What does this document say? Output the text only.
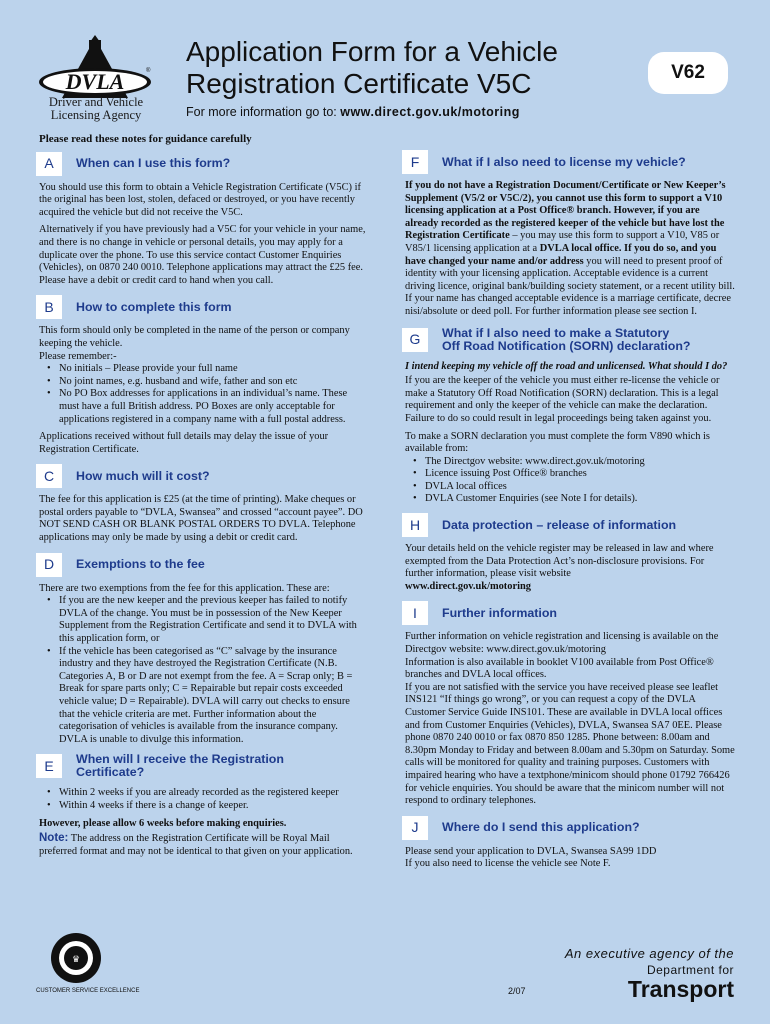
DVLA	®
Driver and Vehicle
Licensing Agency
Application Form for a Vehicle
Registration Certificate V5C
For more information go to: www.direct.gov.uk/motoring
V62
Please read these notes for guidance carefully
A	When can I use this form?

You should use this form to obtain a Vehicle Registration Certificate (V5C) if the original has been lost, stolen, defaced or destroyed, or you have recently acquired the vehicle but did not receive the V5C.

Alternatively if you have previously had a V5C for your vehicle in your name, and there is no change in vehicle or personal details, you may apply for a duplicate over the phone. To use this service contact Customer Enquiries (Vehicles), on 0870 240 0010. Telephone applications may attract the £25 fee. Please have a debit or credit card to hand when you call.

B	How to complete this form
This form should only be completed in the name of the person or company keeping the vehicle.
Please remember:-
• No initials – Please provide your full name
• No joint names, e.g. husband and wife, father and son etc
• No PO Box addresses for applications in an individual’s name. These must have a full British address. PO Boxes are only acceptable for applications registered in a company name with a full postal address.

Applications received without full details may delay the issue of your Registration Certificate.

C	How much will it cost?

The fee for this application is £25 (at the time of printing). Make cheques or postal orders payable to “DVLA, Swansea” and crossed “account payee”. DO NOT SEND CASH OR BLANK POSTAL ORDERS TO DVLA. Telephone applications may only be made by using a debit or credit card.

D	Exemptions to the fee
There are two exemptions from the fee for this application. These are:
• If you are the new keeper and the previous keeper has failed to notify DVLA of the change. You must be in possession of the New Keeper Supplement from the Registration Certificate and send it to DVLA with this application form, or
• If the vehicle has been categorised as “C” salvage by the insurance industry and they have destroyed the Registration Certificate (N.B. Categories A, B or D are not exempt from the fee. A = Scrap only; B = Break for spare parts only; C = Repairable but repair costs exceeded vehicle value; D = Repairable). DVLA will carry out checks to ensure that the vehicle criteria are met. Further information about the categorisation of vehicles is available from the insurance company. DVLA is unable to divulge this information.
E	When will I receive the Registration
Certificate?
• Within 2 weeks if you are already recorded as the registered keeper
• Within 4 weeks if there is a change of keeper.

However, please allow 6 weeks before making enquiries.

Note: The address on the Registration Certificate will be Royal Mail preferred format and may not be identical to that given on your application.

F	What if I also need to license my vehicle?

If you do not have a Registration Document/Certificate or New Keeper’s Supplement (V5/2 or V5C/2), you cannot use this form to support a V10 licensing application at a Post Office® branch. However, if you are already recorded as the registered keeper of the vehicle but have lost the Registration Certificate – you may use this form to support a V10, V85 or V85/1 licensing application at a DVLA local office. If you do so, and you have changed your name and/or address you will need to present proof of identity with your licensing application. Acceptable evidence is a current driving licence, original bank/building society statement, or a recent utility bill. If your name has changed acceptable evidence is a marriage certificate, decree nisi/absolute or deed poll. For further information please see section I.

G	What if I also need to make a Statutory
Off Road Notification (SORN) declaration?

I intend keeping my vehicle off the road and unlicensed. What should I do?

If you are the keeper of the vehicle you must either re-license the vehicle or make a Statutory Off Road Notification (SORN) declaration. This is a legal requirement and only the keeper of the vehicle can make the declaration. Failure to do so could result in legal proceedings being taken against you.

To make a SORN declaration you must complete the form V890 which is available from:
• The Directgov website: www.direct.gov.uk/motoring
• Licence issuing Post Office® branches
• DVLA local offices
• DVLA Customer Enquiries (see Note I for details).
H	Data protection – release of information
Your details held on the vehicle register may be released in law and where exempted from the Data Protection Act’s non-disclosure provisions. For further information, please visit website

www.direct.gov.uk/motoring

I	Further information
Further information on vehicle registration and licensing is available on the Directgov website: www.direct.gov.uk/motoring
Information is also available in booklet V100 available from Post Office® branches and DVLA local offices.

If you are not satisfied with the service you have received please see leaflet INS121 “If things go wrong”, or you can request a copy of the DVLA Customer Service Guide INS101. These are available in DVLA local offices and from Customer Enquiries (Vehicles), DVLA, Swansea SA7 0EE. Please phone 0870 240 0010 or fax 0870 850 1285. Phone between: 8.00am and 8.30pm Monday to Friday and between 8.00am and 5.30pm on Saturday. Some calls will be monitored for quality and training purposes. Customers with impaired hearing who have a textphone/minicom should phone 01792 766426 for vehicle enquiries. You should be aware that the minicom number will not respond to ordinary telephones.

J	Where do I send this application?
Please send your application to DVLA, Swansea SA99 1DD
If you also need to license the vehicle see Note F.
♛
CUSTOMER SERVICE EXCELLENCE	2/07
An executive agency of the
Department for
Transport
